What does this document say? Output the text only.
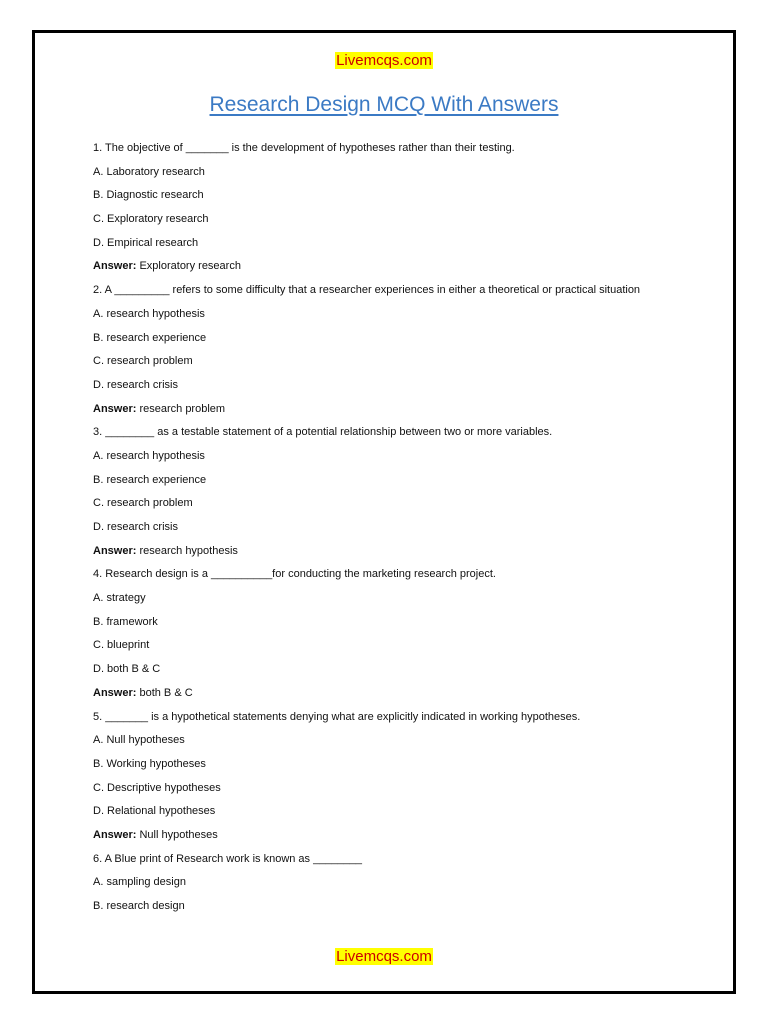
Livemcqs.com
Research Design MCQ With Answers
1. The objective of _______ is the development of hypotheses rather than their testing.
A. Laboratory research
B. Diagnostic research
C. Exploratory research
D. Empirical research
Answer: Exploratory research
2. A _________ refers to some difficulty that a researcher experiences in either a theoretical or practical situation
A. research hypothesis
B. research experience
C. research problem
D. research crisis
Answer: research problem
3. ________ as a testable statement of a potential relationship between two or more variables.
A. research hypothesis
B. research experience
C. research problem
D. research crisis
Answer: research hypothesis
4. Research design is a __________for conducting the marketing research project.
A. strategy
B. framework
C. blueprint
D. both B & C
Answer: both B & C
5. _______ is a hypothetical statements denying what are explicitly indicated in working hypotheses.
A. Null hypotheses
B. Working hypotheses
C. Descriptive hypotheses
D. Relational hypotheses
Answer: Null hypotheses
6. A Blue print of Research work is known as ________
A. sampling design
B. research design
Livemcqs.com
